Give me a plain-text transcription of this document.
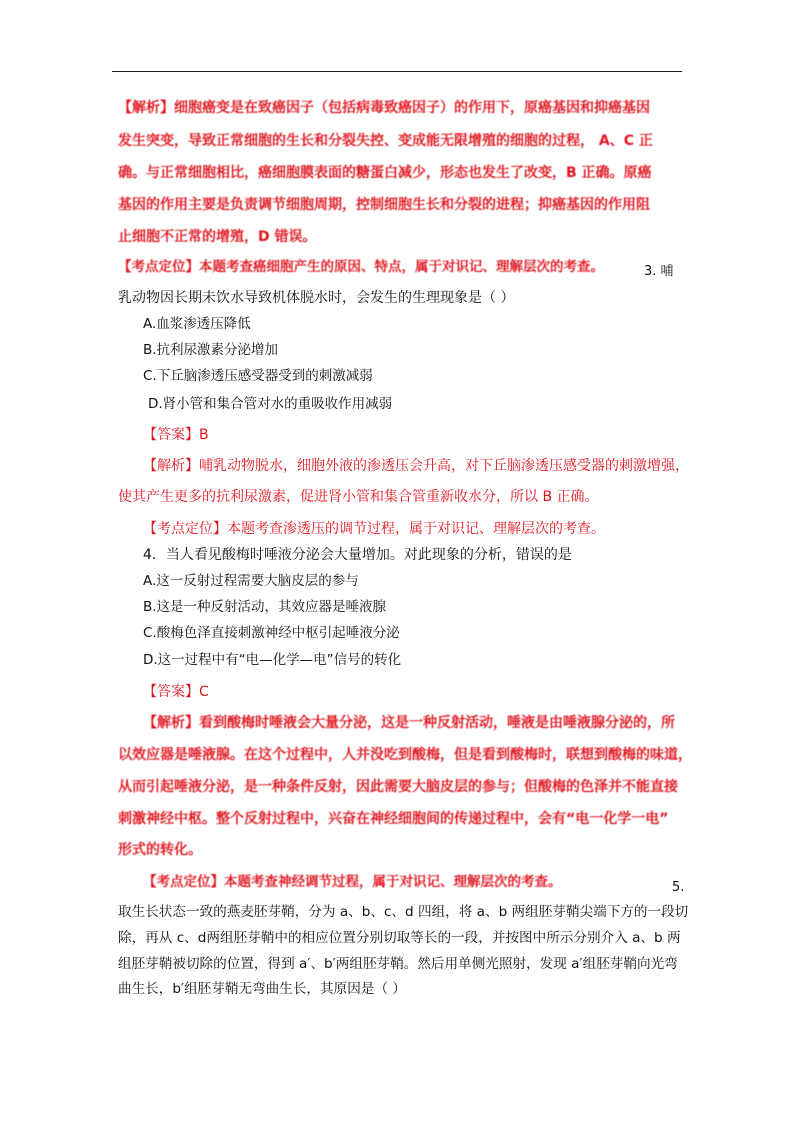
【解析】细胞癌变是在致癌因子（包括病毒致癌因子）的作用下，原癌基因和抑癌基因
发生突变，导致正常细胞的生长和分裂失控、变成能无限增殖的细胞的过程， A、C 正
确。与正常细胞相比，癌细胞膜表面的糖蛋白减少，形态也发生了改变，B 正确。原癌
基因的作用主要是负责调节细胞周期，控制细胞生长和分裂的进程；抑癌基因的作用阻
止细胞不正常的增殖，D 错误。
【考点定位】本题考查癌细胞产生的原因、特点，属于对识记、理解层次的考查。	3. 哺
乳动物因长期未饮水导致机体脱水时，会发生的生理现象是（ ）
A.血浆渗透压降低
B.抗利尿激素分泌增加
C.下丘脑渗透压感受器受到的刺激减弱
D.肾小管和集合管对水的重吸收作用减弱
【答案】B
【解析】哺乳动物脱水，细胞外液的渗透压会升高，对下丘脑渗透压感受器的刺激增强，
使其产生更多的抗利尿激素，促进肾小管和集合管重新收水分，所以 B 正确。
【考点定位】本题考查渗透压的调节过程，属于对识记、理解层次的考查。
4．当人看见酸梅时唾液分泌会大量增加。对此现象的分析，错误的是
A.这一反射过程需要大脑皮层的参与
B.这是一种反射活动，其效应器是唾液腺
C.酸梅色泽直接刺激神经中枢引起唾液分泌
D.这一过程中有“电—化学—电”信号的转化
【答案】C
【解析】看到酸梅时唾液会大量分泌，这是一种反射活动，唾液是由唾液腺分泌的，所
以效应器是唾液腺。在这个过程中，人并没吃到酸梅，但是看到酸梅时，联想到酸梅的味道，
从而引起唾液分泌，是一种条件反射，因此需要大脑皮层的参与；但酸梅的色泽并不能直接
刺激神经中枢。整个反射过程中，兴奋在神经细胞间的传递过程中，会有“电一化学一电”
形式的转化。
【考点定位】本题考查神经调节过程，属于对识记、理解层次的考查。	5.
取生长状态一致的燕麦胚芽鞘，分为 a、b、c、d 四组，将 a、b 两组胚芽鞘尖端下方的一段切
除，再从 c、d两组胚芽鞘中的相应位置分别切取等长的一段，并按图中所示分别介入 a、b 两
组胚芽鞘被切除的位置，得到 a′、b′两组胚芽鞘。然后用单侧光照射，发现 a′组胚芽鞘向光弯
曲生长，b′组胚芽鞘无弯曲生长，其原因是（ ）
